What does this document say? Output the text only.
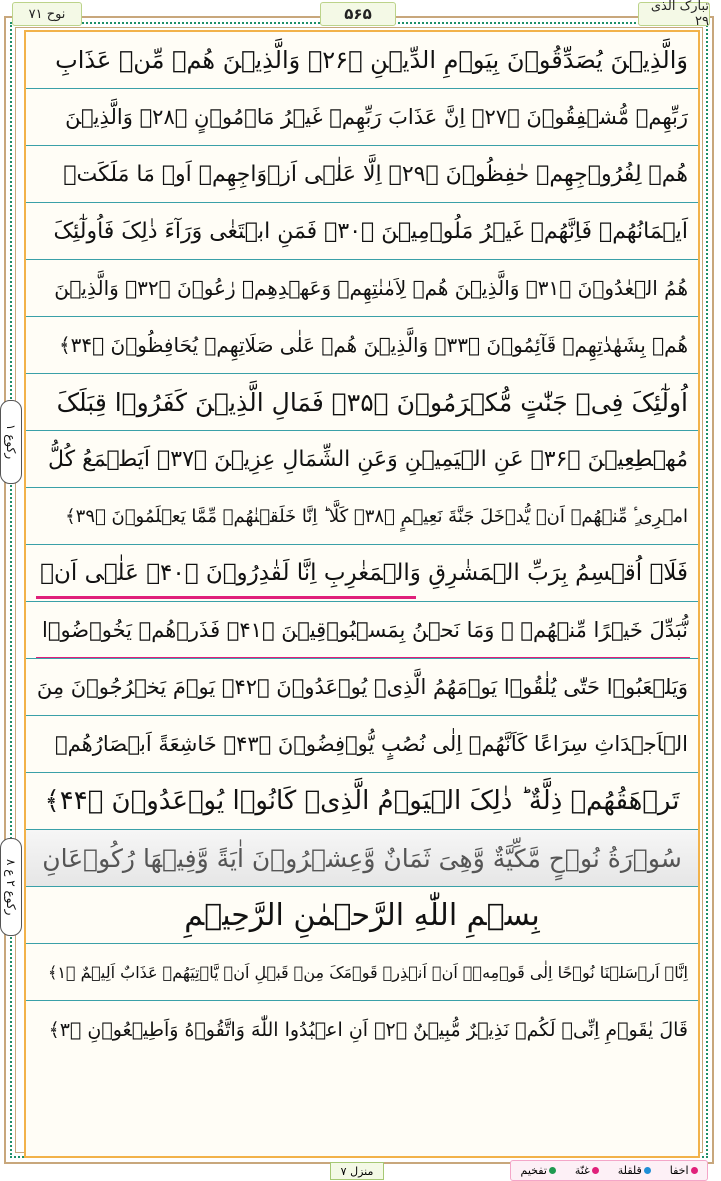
نوح ۷۱	۵۶۵	تبارک الذی ۲۹
رکوع ۱
رکوع ۲ ع ۸
وَالَّذِیۡنَ یُصَدِّقُوۡنَ بِیَوۡمِ الدِّیۡنِ ﴿۲۶﴾ وَالَّذِیۡنَ هُمۡ مِّنۡ عَذَابِ
رَبِّهِمۡ مُّشۡفِقُوۡنَ ﴿۲۷﴾ اِنَّ عَذَابَ رَبِّهِمۡ غَیۡرُ مَاۡمُوۡنٍ ﴿۲۸﴾ وَالَّذِیۡنَ
هُمۡ لِفُرُوۡجِهِمۡ حٰفِظُوۡنَ ﴿۲۹﴾ اِلَّا عَلٰۤی اَزۡوَاجِهِمۡ اَوۡ مَا مَلَکَتۡ
اَیۡمَانُهُمۡ فَاِنَّهُمۡ غَیۡرُ مَلُوۡمِیۡنَ ﴿۳۰﴾ فَمَنِ ابۡتَغٰی وَرَآءَ ذٰلِکَ فَاُولٰٓئِکَ
هُمُ الۡعٰدُوۡنَ ﴿۳۱﴾ وَالَّذِیۡنَ هُمۡ لِاَمٰنٰتِهِمۡ وَعَهۡدِهِمۡ رٰعُوۡنَ ﴿۳۲﴾ وَالَّذِیۡنَ
هُمۡ بِشَهٰدٰتِهِمۡ قَآئِمُوۡنَ ﴿۳۳﴾ وَالَّذِیۡنَ هُمۡ عَلٰی صَلَاتِهِمۡ یُحَافِظُوۡنَ ﴿۳۴﴾
اُولٰٓئِکَ فِیۡ جَنّٰتٍ مُّکۡرَمُوۡنَ ﴿۳۵﴾ فَمَالِ الَّذِیۡنَ کَفَرُوۡا قِبَلَکَ
مُهۡطِعِیۡنَ ﴿۳۶﴾ عَنِ الۡیَمِیۡنِ وَعَنِ الشِّمَالِ عِزِیۡنَ ﴿۳۷﴾ اَیَطۡمَعُ کُلُّ
امۡرِیٴٍ مِّنۡهُمۡ اَنۡ یُّدۡخَلَ جَنَّةَ نَعِیۡمٍ ﴿۳۸﴾ کَلَّا ؕ اِنَّا خَلَقۡنٰهُمۡ مِّمَّا یَعۡلَمُوۡنَ ﴿۳۹﴾
فَلَاۤ اُقۡسِمُ بِرَبِّ الۡمَشٰرِقِ وَالۡمَغٰرِبِ اِنَّا لَقٰدِرُوۡنَ ﴿۴۰﴾ عَلٰۤی اَنۡ
نُّبَدِّلَ خَیۡرًا مِّنۡهُمۡ ۙ وَمَا نَحۡنُ بِمَسۡبُوۡقِیۡنَ ﴿۴۱﴾ فَذَرۡهُمۡ یَخُوۡضُوۡا
وَیَلۡعَبُوۡا حَتّٰی یُلٰقُوۡا یَوۡمَهُمُ الَّذِیۡ یُوۡعَدُوۡنَ ﴿۴۲﴾ یَوۡمَ یَخۡرُجُوۡنَ مِنَ
الۡاَجۡدَاثِ سِرَاعًا کَاَنَّهُمۡ اِلٰی نُصُبٍ یُّوۡفِضُوۡنَ ﴿۴۳﴾ خَاشِعَةً اَبۡصَارُهُمۡ
تَرۡهَقُهُمۡ ذِلَّةٌ ؕ ذٰلِکَ الۡیَوۡمُ الَّذِیۡ کَانُوۡا یُوۡعَدُوۡنَ ﴿۴۴﴾
سُوۡرَةُ نُوۡحٍ مَّکِّیَّةٌ وَّهِیَ ثَمَانٌ وَّعِشۡرُوۡنَ اٰیَةً وَّفِیۡهَا رُکُوۡعَانِ
بِسۡمِ اللّٰهِ الرَّحۡمٰنِ الرَّحِیۡمِ
اِنَّاۤ اَرۡسَلۡنَا نُوۡحًا اِلٰی قَوۡمِهٖۤ اَنۡ اَنۡذِرۡ قَوۡمَکَ مِنۡ قَبۡلِ اَنۡ یَّاۡتِیَهُمۡ عَذَابٌ اَلِیۡمٌ ﴿۱﴾
قَالَ یٰقَوۡمِ اِنِّیۡ لَکُمۡ نَذِیۡرٌ مُّبِیۡنٌ ﴿۲﴾ اَنِ اعۡبُدُوا اللّٰهَ وَاتَّقُوۡهُ وَاَطِیۡعُوۡنِ ﴿۳﴾
منزل ۷	اخفا
قلقلة
غنّة
تفخیم
